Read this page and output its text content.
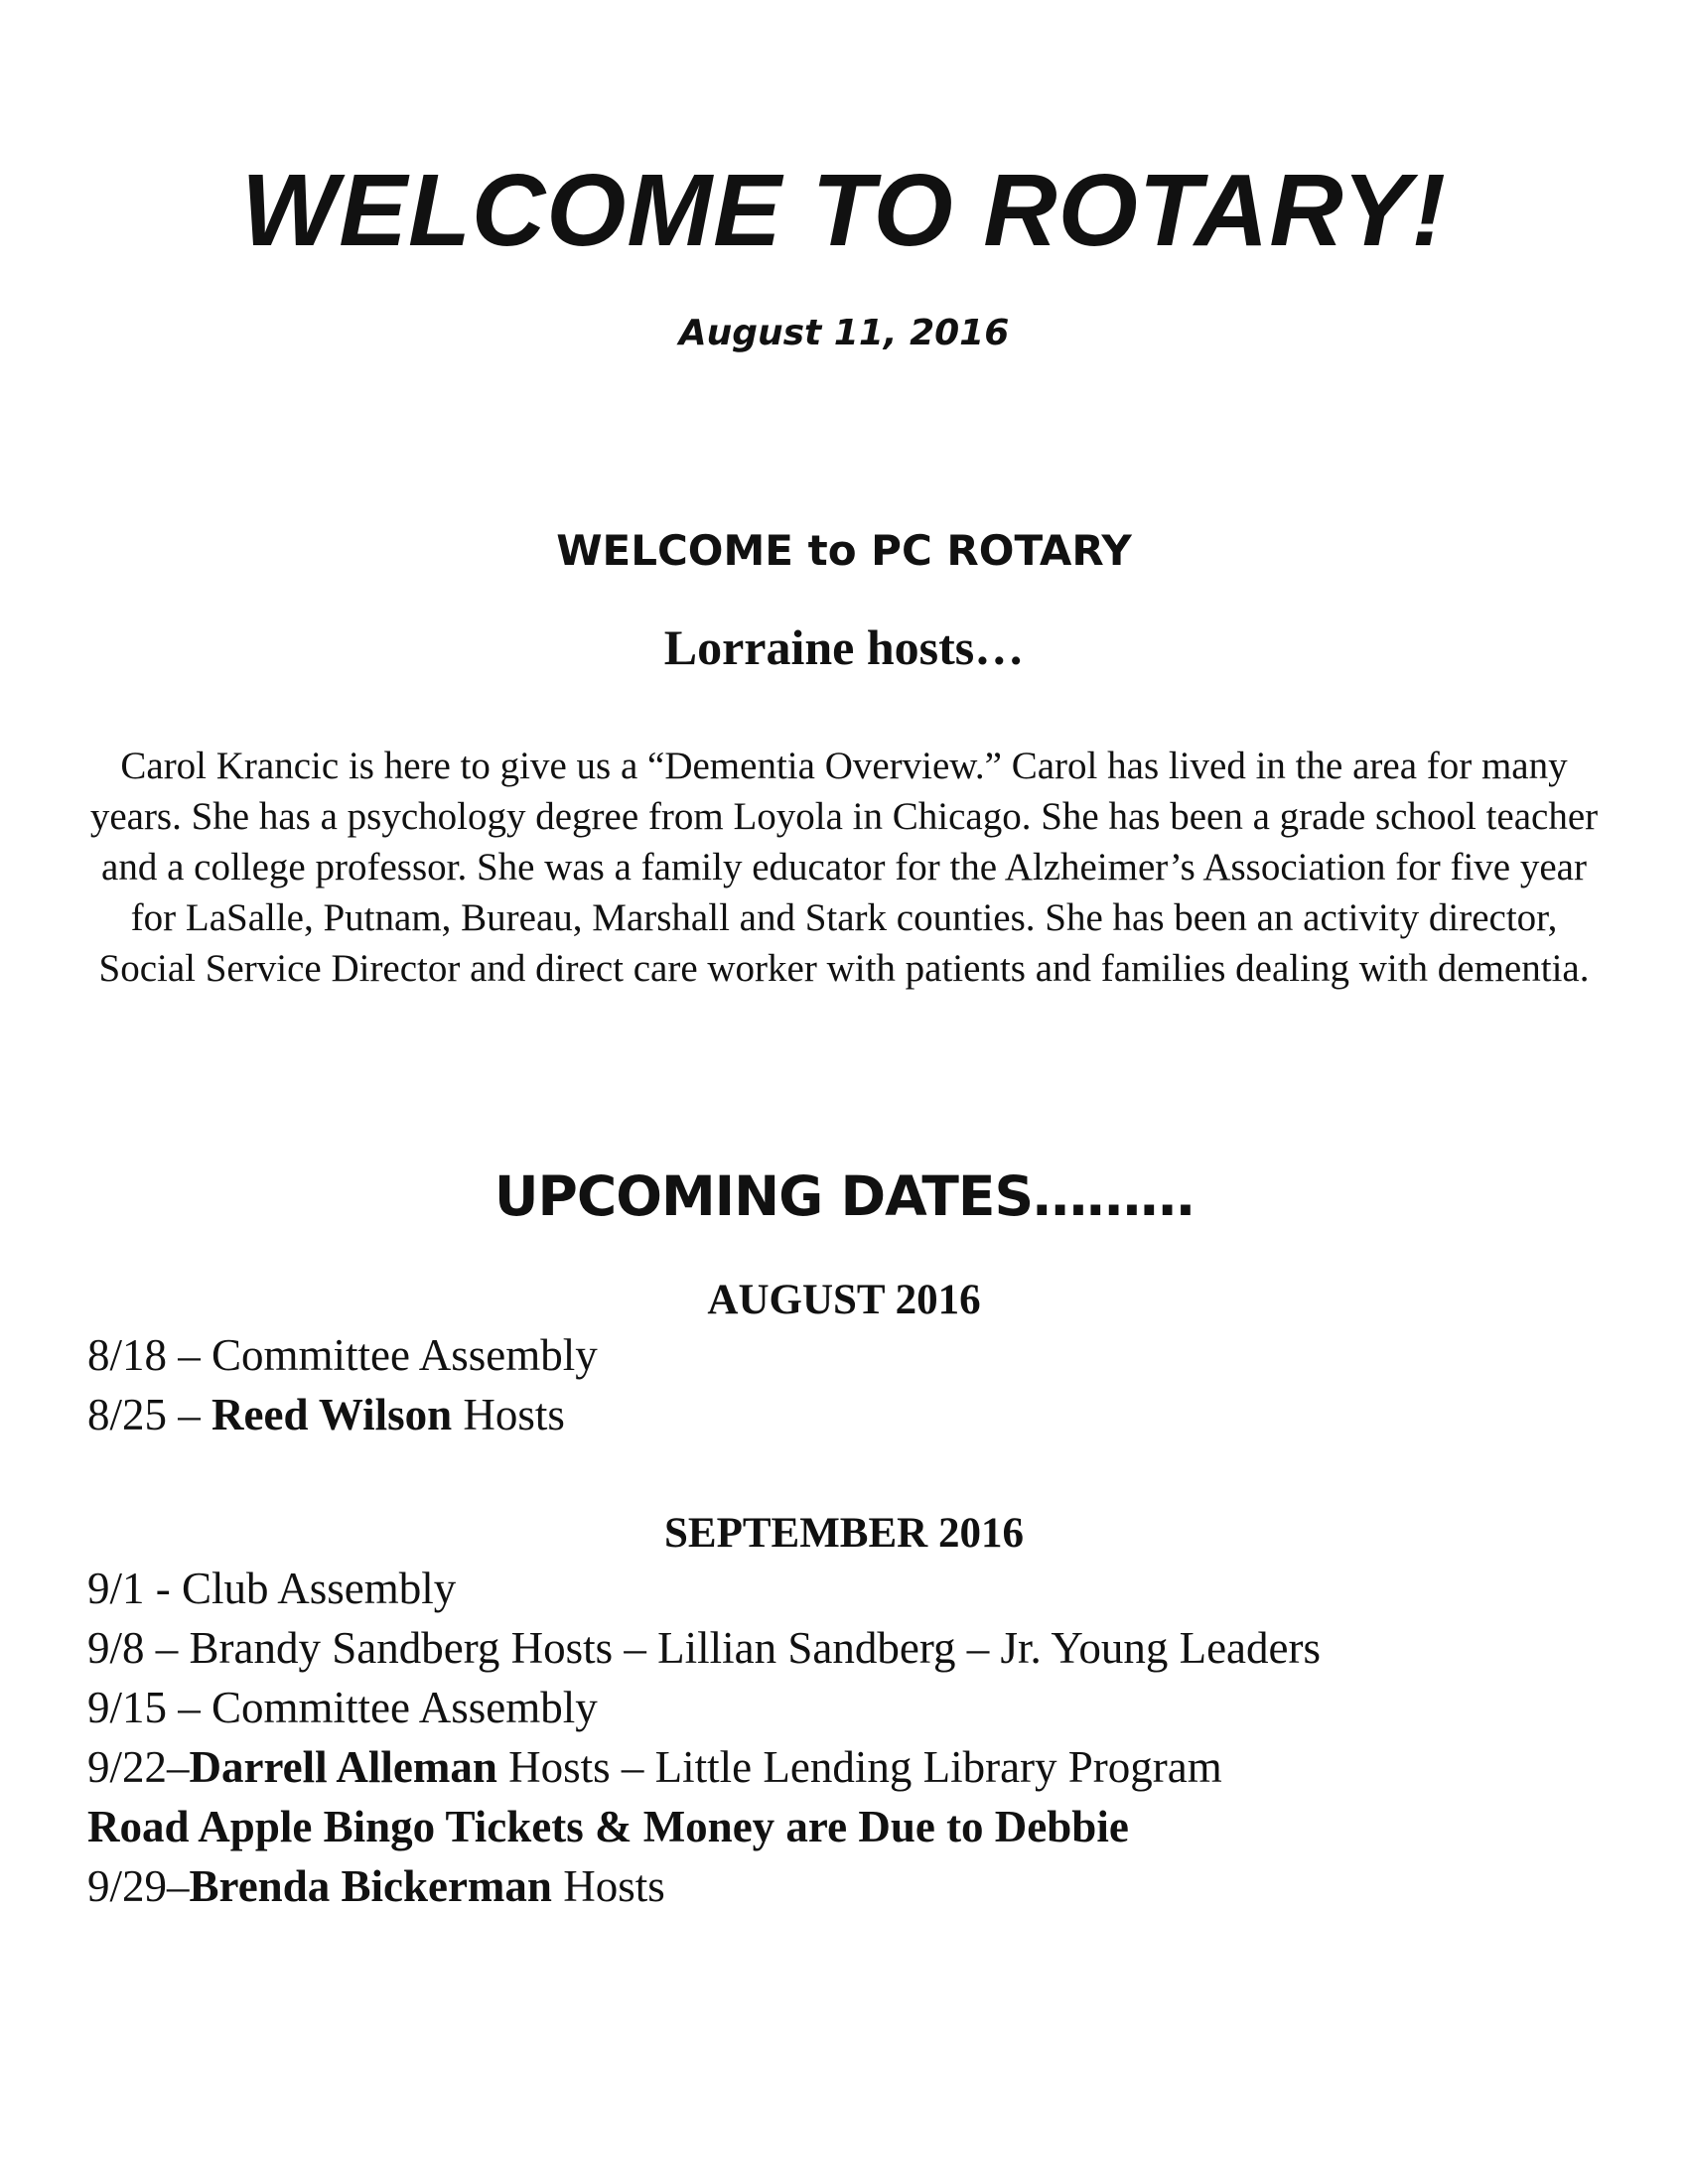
WELCOME TO ROTARY!
August 11, 2016
WELCOME to PC ROTARY
Lorraine hosts…
Carol Krancic is here to give us a “Dementia Overview.” Carol has lived in the area for many years. She has a psychology degree from Loyola in Chicago. She has been a grade school teacher and a college professor. She was a family educator for the Alzheimer’s Association for five year for LaSalle, Putnam, Bureau, Marshall and Stark counties. She has been an activity director, Social Service Director and direct care worker with patients and families dealing with dementia.
UPCOMING DATES………
AUGUST 2016
8/18 – Committee Assembly
8/25 – Reed Wilson Hosts
SEPTEMBER 2016
9/1 - Club Assembly
9/8 – Brandy Sandberg Hosts – Lillian Sandberg – Jr. Young Leaders
9/15 – Committee Assembly
9/22–Darrell Alleman Hosts – Little Lending Library Program
Road Apple Bingo Tickets & Money are Due to Debbie
9/29–Brenda Bickerman Hosts
